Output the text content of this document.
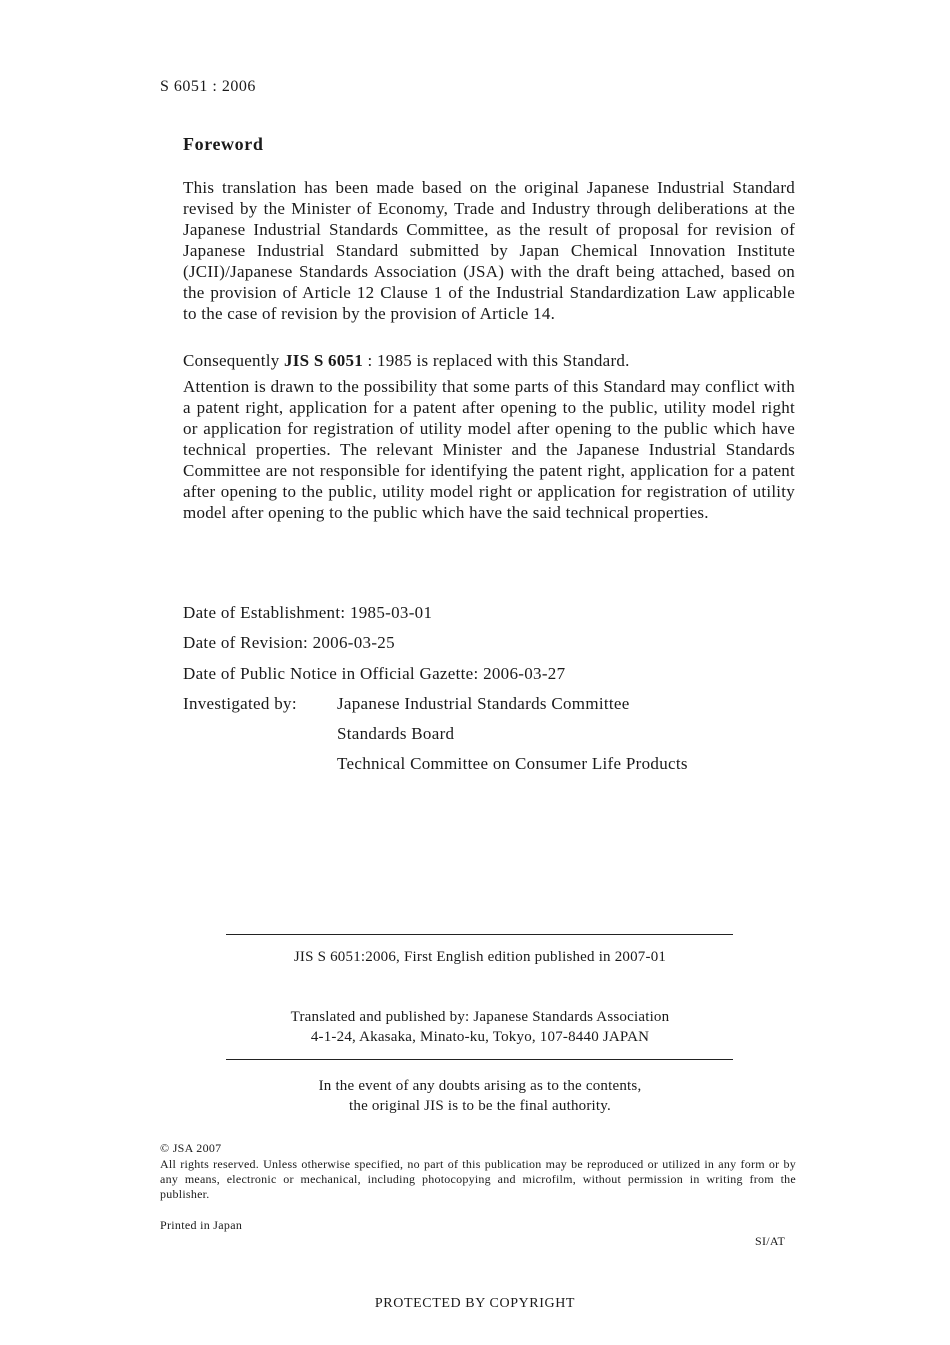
S 6051 : 2006
Foreword

This translation has been made based on the original Japanese Industrial Standard revised by the Minister of Economy, Trade and Industry through deliberations at the Japanese Industrial Standards Committee, as the result of proposal for revision of Japanese Industrial Standard submitted by Japan Chemical Innovation Institute (JCII)/Japanese Standards Association (JSA) with the draft being attached, based on the provision of Article 12 Clause 1 of the Industrial Standardization Law applicable to the case of revision by the provision of Article 14.

Consequently JIS S 6051 : 1985 is replaced with this Standard.

Attention is drawn to the possibility that some parts of this Standard may conflict with a patent right, application for a patent after opening to the public, utility model right or application for registration of utility model after opening to the public which have technical properties. The relevant Minister and the Japanese Industrial Standards Committee are not responsible for identifying the patent right, application for a patent after opening to the public, utility model right or application for registration of utility model after opening to the public which have the said technical properties.

Date of Establishment: 1985-03-01
Date of Revision: 2006-03-25
Date of Public Notice in Official Gazette: 2006-03-27
Investigated by: Japanese Industrial Standards Committee
Standards Board
Technical Committee on Consumer Life Products
JIS S 6051:2006, First English edition published in 2007-01
Translated and published by: Japanese Standards Association
4-1-24, Akasaka, Minato-ku, Tokyo, 107-8440 JAPAN
In the event of any doubts arising as to the contents,
the original JIS is to be the final authority.
© JSA 2007
All rights reserved. Unless otherwise specified, no part of this publication may be reproduced or utilized in any form or by any means, electronic or mechanical, including photocopying and microfilm, without permission in writing from the publisher.
Printed in Japan
SI/AT
PROTECTED BY COPYRIGHT
